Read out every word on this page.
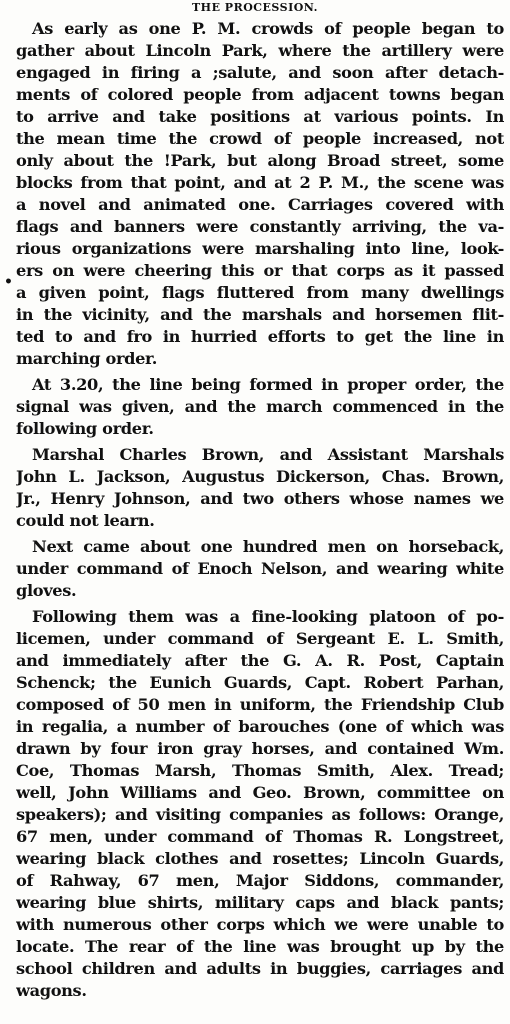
THE PROCESSION.
•
As early as one P. M. crowds of people began to
gather about Lincoln Park, where the artillery were
engaged in firing a ;salute, and soon after detach-
ments of colored people from adjacent towns began
to arrive and take positions at various points. In
the mean time the crowd of people increased, not
only about the !Park, but along Broad street, some
blocks from that point, and at 2 P. M., the scene was
a novel and animated one. Carriages covered with
flags and banners were constantly arriving, the va-
rious organizations were marshaling into line, look-
ers on were cheering this or that corps as it passed
a given point, flags fluttered from many dwellings
in the vicinity, and the marshals and horsemen flit-
ted to and fro in hurried efforts to get the line in
marching order.
At 3.20, the line being formed in proper order, the
signal was given, and the march commenced in the
following order.
Marshal Charles Brown, and Assistant Marshals
John L. Jackson, Augustus Dickerson, Chas. Brown,
Jr., Henry Johnson, and two others whose names we
could not learn.
Next came about one hundred men on horseback,
under command of Enoch Nelson, and wearing white
gloves.
Following them was a fine-looking platoon of po-
licemen, under command of Sergeant E. L. Smith,
and immediately after the G. A. R. Post, Captain
Schenck; the Eunich Guards, Capt. Robert Parhan,
composed of 50 men in uniform, the Friendship Club
in regalia, a number of barouches (one of which was
drawn by four iron gray horses, and contained Wm.
Coe, Thomas Marsh, Thomas Smith, Alex. Tread;
well, John Williams and Geo. Brown, committee on
speakers); and visiting companies as follows: Orange,
67 men, under command of Thomas R. Longstreet,
wearing black clothes and rosettes; Lincoln Guards,
of Rahway, 67 men, Major Siddons, commander,
wearing blue shirts, military caps and black pants;
with numerous other corps which we were unable to
locate. The rear of the line was brought up by the
school children and adults in buggies, carriages and
wagons.
